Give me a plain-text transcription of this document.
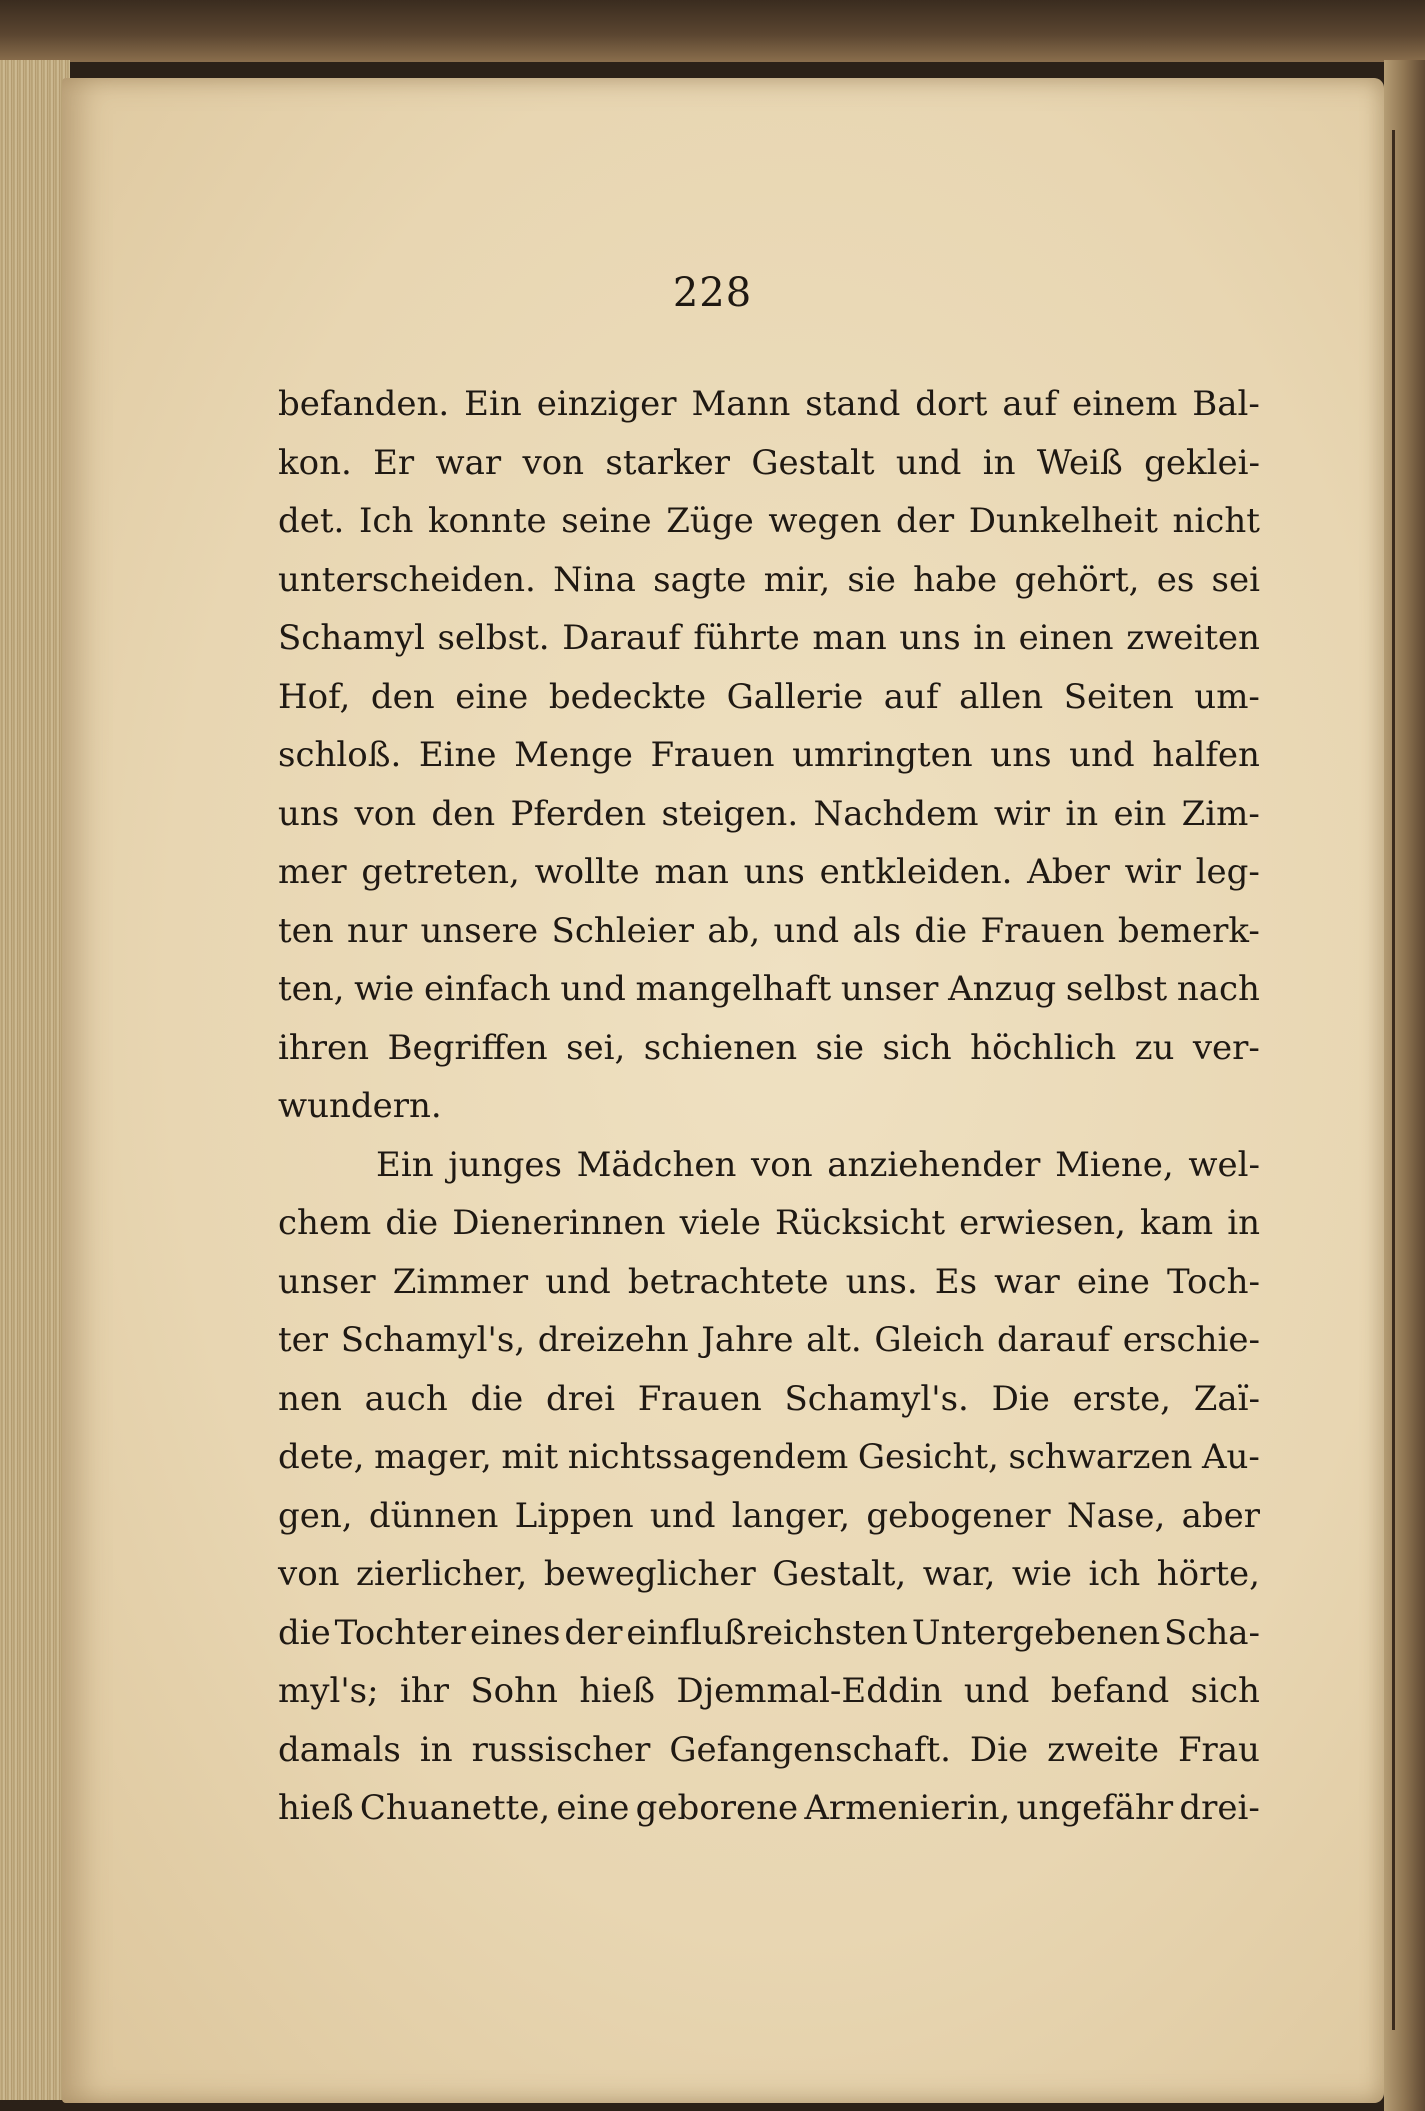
228
befanden. Ein einziger Mann stand dort auf einem Bal-
kon. Er war von starker Gestalt und in Weiß geklei-
det. Ich konnte seine Züge wegen der Dunkelheit nicht
unterscheiden. Nina sagte mir, sie habe gehört, es sei
Schamyl selbst. Darauf führte man uns in einen zweiten
Hof, den eine bedeckte Gallerie auf allen Seiten um-
schloß. Eine Menge Frauen umringten uns und halfen
uns von den Pferden steigen. Nachdem wir in ein Zim-
mer getreten, wollte man uns entkleiden. Aber wir leg-
ten nur unsere Schleier ab, und als die Frauen bemerk-
ten, wie einfach und mangelhaft unser Anzug selbst nach
ihren Begriffen sei, schienen sie sich höchlich zu ver-
wundern.
Ein junges Mädchen von anziehender Miene, wel-
chem die Dienerinnen viele Rücksicht erwiesen, kam in
unser Zimmer und betrachtete uns. Es war eine Toch-
ter Schamyl's, dreizehn Jahre alt. Gleich darauf erschie-
nen auch die drei Frauen Schamyl's. Die erste, Zaï-
dete, mager, mit nichtssagendem Gesicht, schwarzen Au-
gen, dünnen Lippen und langer, gebogener Nase, aber
von zierlicher, beweglicher Gestalt, war, wie ich hörte,
die Tochter eines der einflußreichsten Untergebenen Scha-
myl's; ihr Sohn hieß Djemmal-Eddin und befand sich
damals in russischer Gefangenschaft. Die zweite Frau
hieß Chuanette, eine geborene Armenierin, ungefähr drei-
